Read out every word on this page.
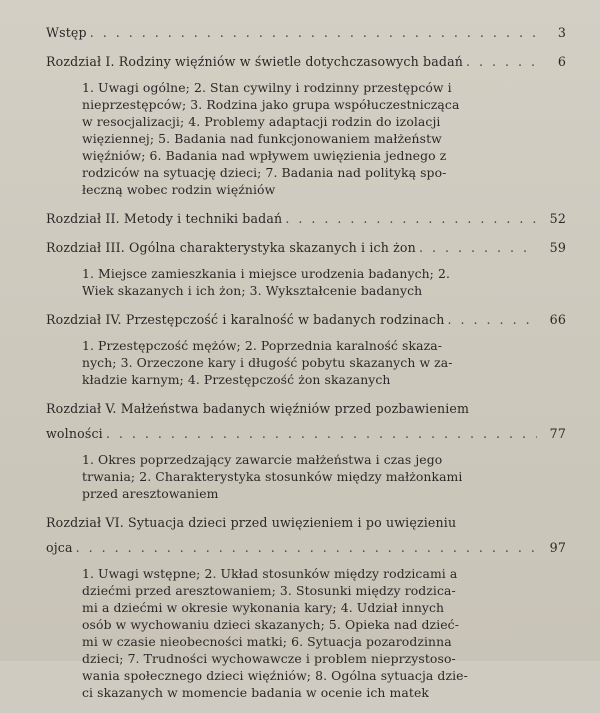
Wstęp . . .	3
Rozdział I. Rodziny więźniów w świetle dotychczasowych badań . . .	6
1. Uwagi ogólne; 2. Stan cywilny i rodzinny przestępców i
nieprzestępców; 3. Rodzina jako grupa współuczestnicząca
w resocjalizacji; 4. Problemy adaptacji rodzin do izolacji
więziennej; 5. Badania nad funkcjonowaniem małżeństw
więźniów; 6. Badania nad wpływem uwięzienia jednego z
rodziców na sytuację dzieci; 7. Badania nad polityką spo-
łeczną wobec rodzin więźniów
Rozdział II. Metody i techniki badań . . .	52
Rozdział III. Ogólna charakterystyka skazanych i ich żon . . .	59
1. Miejsce zamieszkania i miejsce urodzenia badanych; 2.
Wiek skazanych i ich żon; 3. Wykształcenie badanych
Rozdział IV. Przestępczość i karalność w badanych rodzinach . . .	66
1. Przestępczość mężów; 2. Poprzednia karalność skaza-
nych; 3. Orzeczone kary i długość pobytu skazanych w za-
kładzie karnym; 4. Przestępczość żon skazanych
Rozdział V. Małżeństwa badanych więźniów przed pozbawieniem
wolności . . .	77
1. Okres poprzedzający zawarcie małżeństwa i czas jego
trwania; 2. Charakterystyka stosunków między małżonkami
przed aresztowaniem
Rozdział VI. Sytuacja dzieci przed uwięzieniem i po uwięzieniu
ojca . . .	97
1. Uwagi wstępne; 2. Układ stosunków między rodzicami a
dziećmi przed aresztowaniem; 3. Stosunki między rodzica-
mi a dziećmi w okresie wykonania kary; 4. Udział innych
osób w wychowaniu dzieci skazanych; 5. Opieka nad dzieć-
mi w czasie nieobecności matki; 6. Sytuacja pozarodzinna
dzieci; 7. Trudności wychowawcze i problem nieprzystoso-
wania społecznego dzieci więźniów; 8. Ogólna sytuacja dzie-
ci skazanych w momencie badania w ocenie ich matek
